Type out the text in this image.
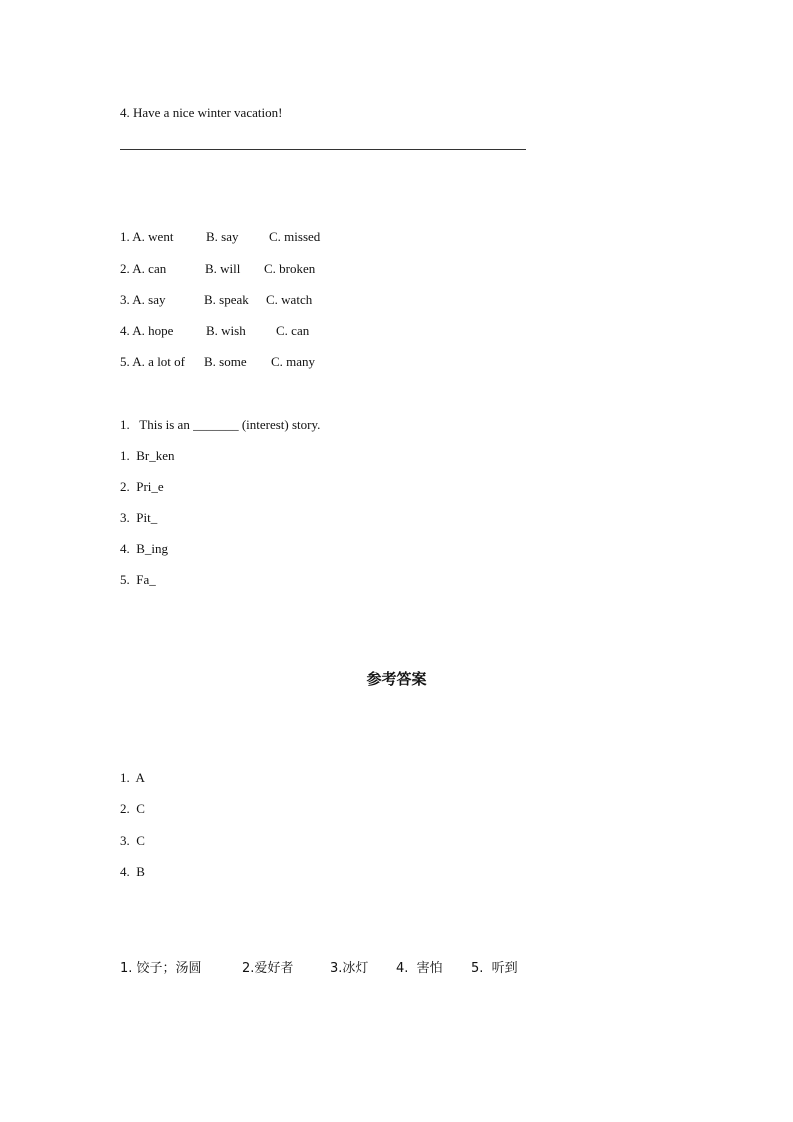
4. Have a nice winter vacation!
1. A. went	B. say C. missed
2. A. can	B. will C. broken
3. A. say	B. speak C. watch
4. A. hope	B. wish C. can
5. A. a lot of B. some C. many
1.   This is an _______ (interest) story.
1.  Br_ken
2.  Pri_e
3.  Pit_
4.  B_ing
5.  Fa_
参考答案
1.  A
2.  C
3.  C
4.  B
1. 饺子；汤圆	2.爱好者	3.冰灯 4.  害怕 5.  听到
